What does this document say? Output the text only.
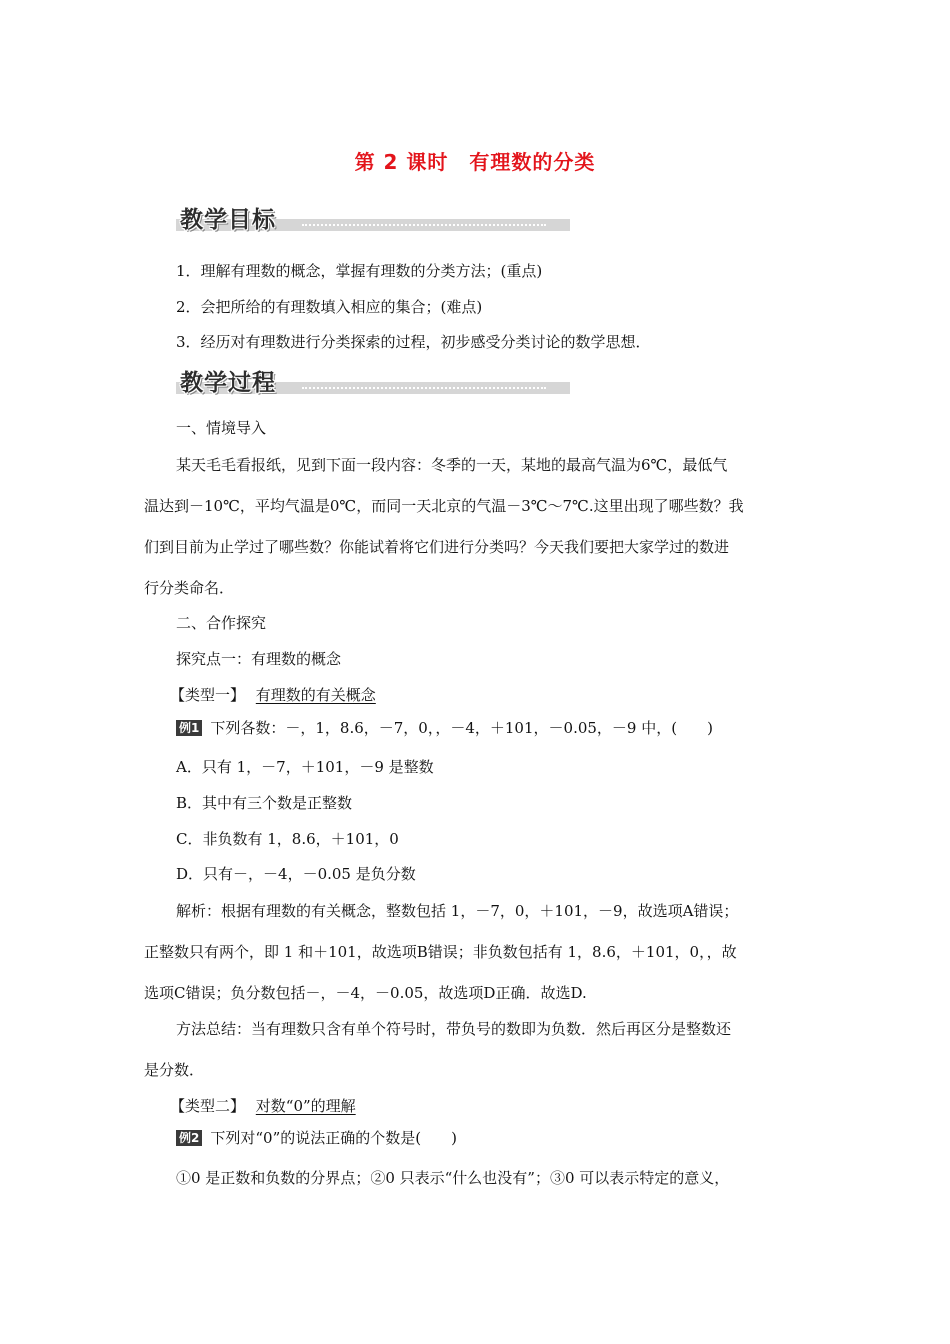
第 2 课时　有理数的分类
教学目标
1．理解有理数的概念，掌握有理数的分类方法；(重点)
2．会把所给的有理数填入相应的集合；(难点)
3．经历对有理数进行分类探索的过程，初步感受分类讨论的数学思想．
教学过程
一、情境导入
某天毛毛看报纸，见到下面一段内容：冬季的一天，某地的最高气温为6℃，最低气
温达到－10℃，平均气温是0℃，而同一天北京的气温－3℃～7℃.这里出现了哪些数？我
们到目前为止学过了哪些数？你能试着将它们进行分类吗？今天我们要把大家学过的数进
行分类命名．
二、合作探究
探究点一：有理数的概念
【类型一】 有理数的有关概念
例1 下列各数：－，1，8.6，－7，0，，－4，＋101，－0.05，－9 中，(　　)
A．只有 1，－7，＋101，－9 是整数
B．其中有三个数是正整数
C．非负数有 1，8.6，＋101，0
D．只有－，－4，－0.05 是负分数
解析：根据有理数的有关概念，整数包括 1，－7，0，＋101，－9，故选项A错误；
正整数只有两个，即 1 和＋101，故选项B错误；非负数包括有 1，8.6，＋101，0，，故
选项C错误；负分数包括－，－4，－0.05，故选项D正确．故选D.
方法总结：当有理数只含有单个符号时，带负号的数即为负数．然后再区分是整数还
是分数．
【类型二】 对数“0”的理解
例2 下列对“0”的说法正确的个数是(　　)
①0 是正数和负数的分界点；②0 只表示“什么也没有”；③0 可以表示特定的意义，
